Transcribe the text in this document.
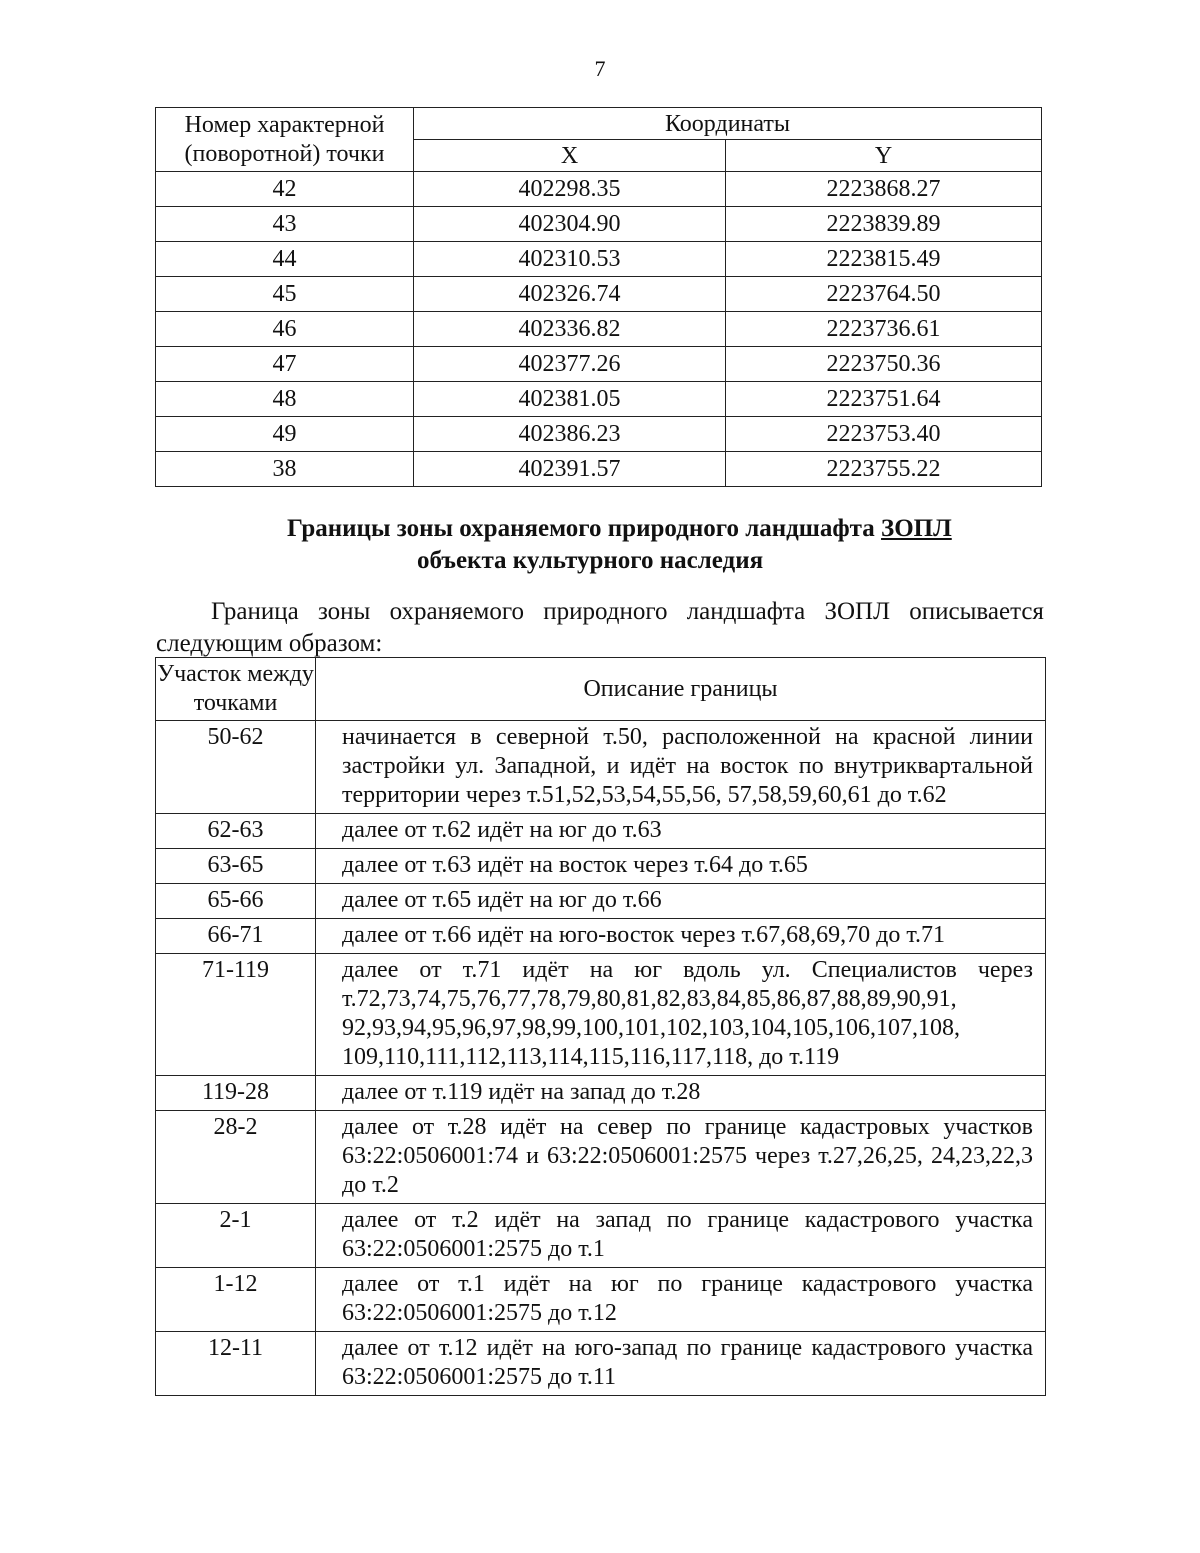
7
Номер характерной (поворотной) точки	Координаты	
	X	Y
42	402298.35	2223868.27
43	402304.90	2223839.89
44	402310.53	2223815.49
45	402326.74	2223764.50
46	402336.82	2223736.61
47	402377.26	2223750.36
48	402381.05	2223751.64
49	402386.23	2223753.40
38	402391.57	2223755.22
Границы зоны охраняемого природного ландшафта ЗОПЛ
объекта культурного наследия
Граница зоны охраняемого природного ландшафта ЗОПЛ описывается
следующим образом:
Участок между точками	Описание границы
50-62	начинается в северной т.50, расположенной на красной линии застройки ул. Западной, и идёт на восток по внутриквартальной территории через т.51,52,53,54,55,56, 57,58,59,60,61 до т.62
62-63	далее от т.62 идёт на юг до т.63
63-65	далее от т.63 идёт на восток через т.64 до т.65
65-66	далее от т.65 идёт на юг до т.66
66-71	далее от т.66 идёт на юго-восток через т.67,68,69,70 до т.71
71-119	далее от т.71 идёт на юг вдоль ул. Специалистов через т.72,73,74,75,76,77,78,79,80,81,82,83,84,85,86,87,88,89,90,91, 92,93,94,95,96,97,98,99,100,101,102,103,104,105,106,107,108, 109,110,111,112,113,114,115,116,117,118, до т.119
119-28	далее от т.119 идёт на запад до т.28
28-2	далее от т.28 идёт на север по границе кадастровых участков 63:22:0506001:74 и 63:22:0506001:2575 через т.27,26,25, 24,23,22,3 до т.2
2-1	далее от т.2 идёт на запад по границе кадастрового участка 63:22:0506001:2575 до т.1
1-12	далее от т.1 идёт на юг по границе кадастрового участка 63:22:0506001:2575 до т.12
12-11	далее от т.12 идёт на юго-запад по границе кадастрового участка 63:22:0506001:2575 до т.11
